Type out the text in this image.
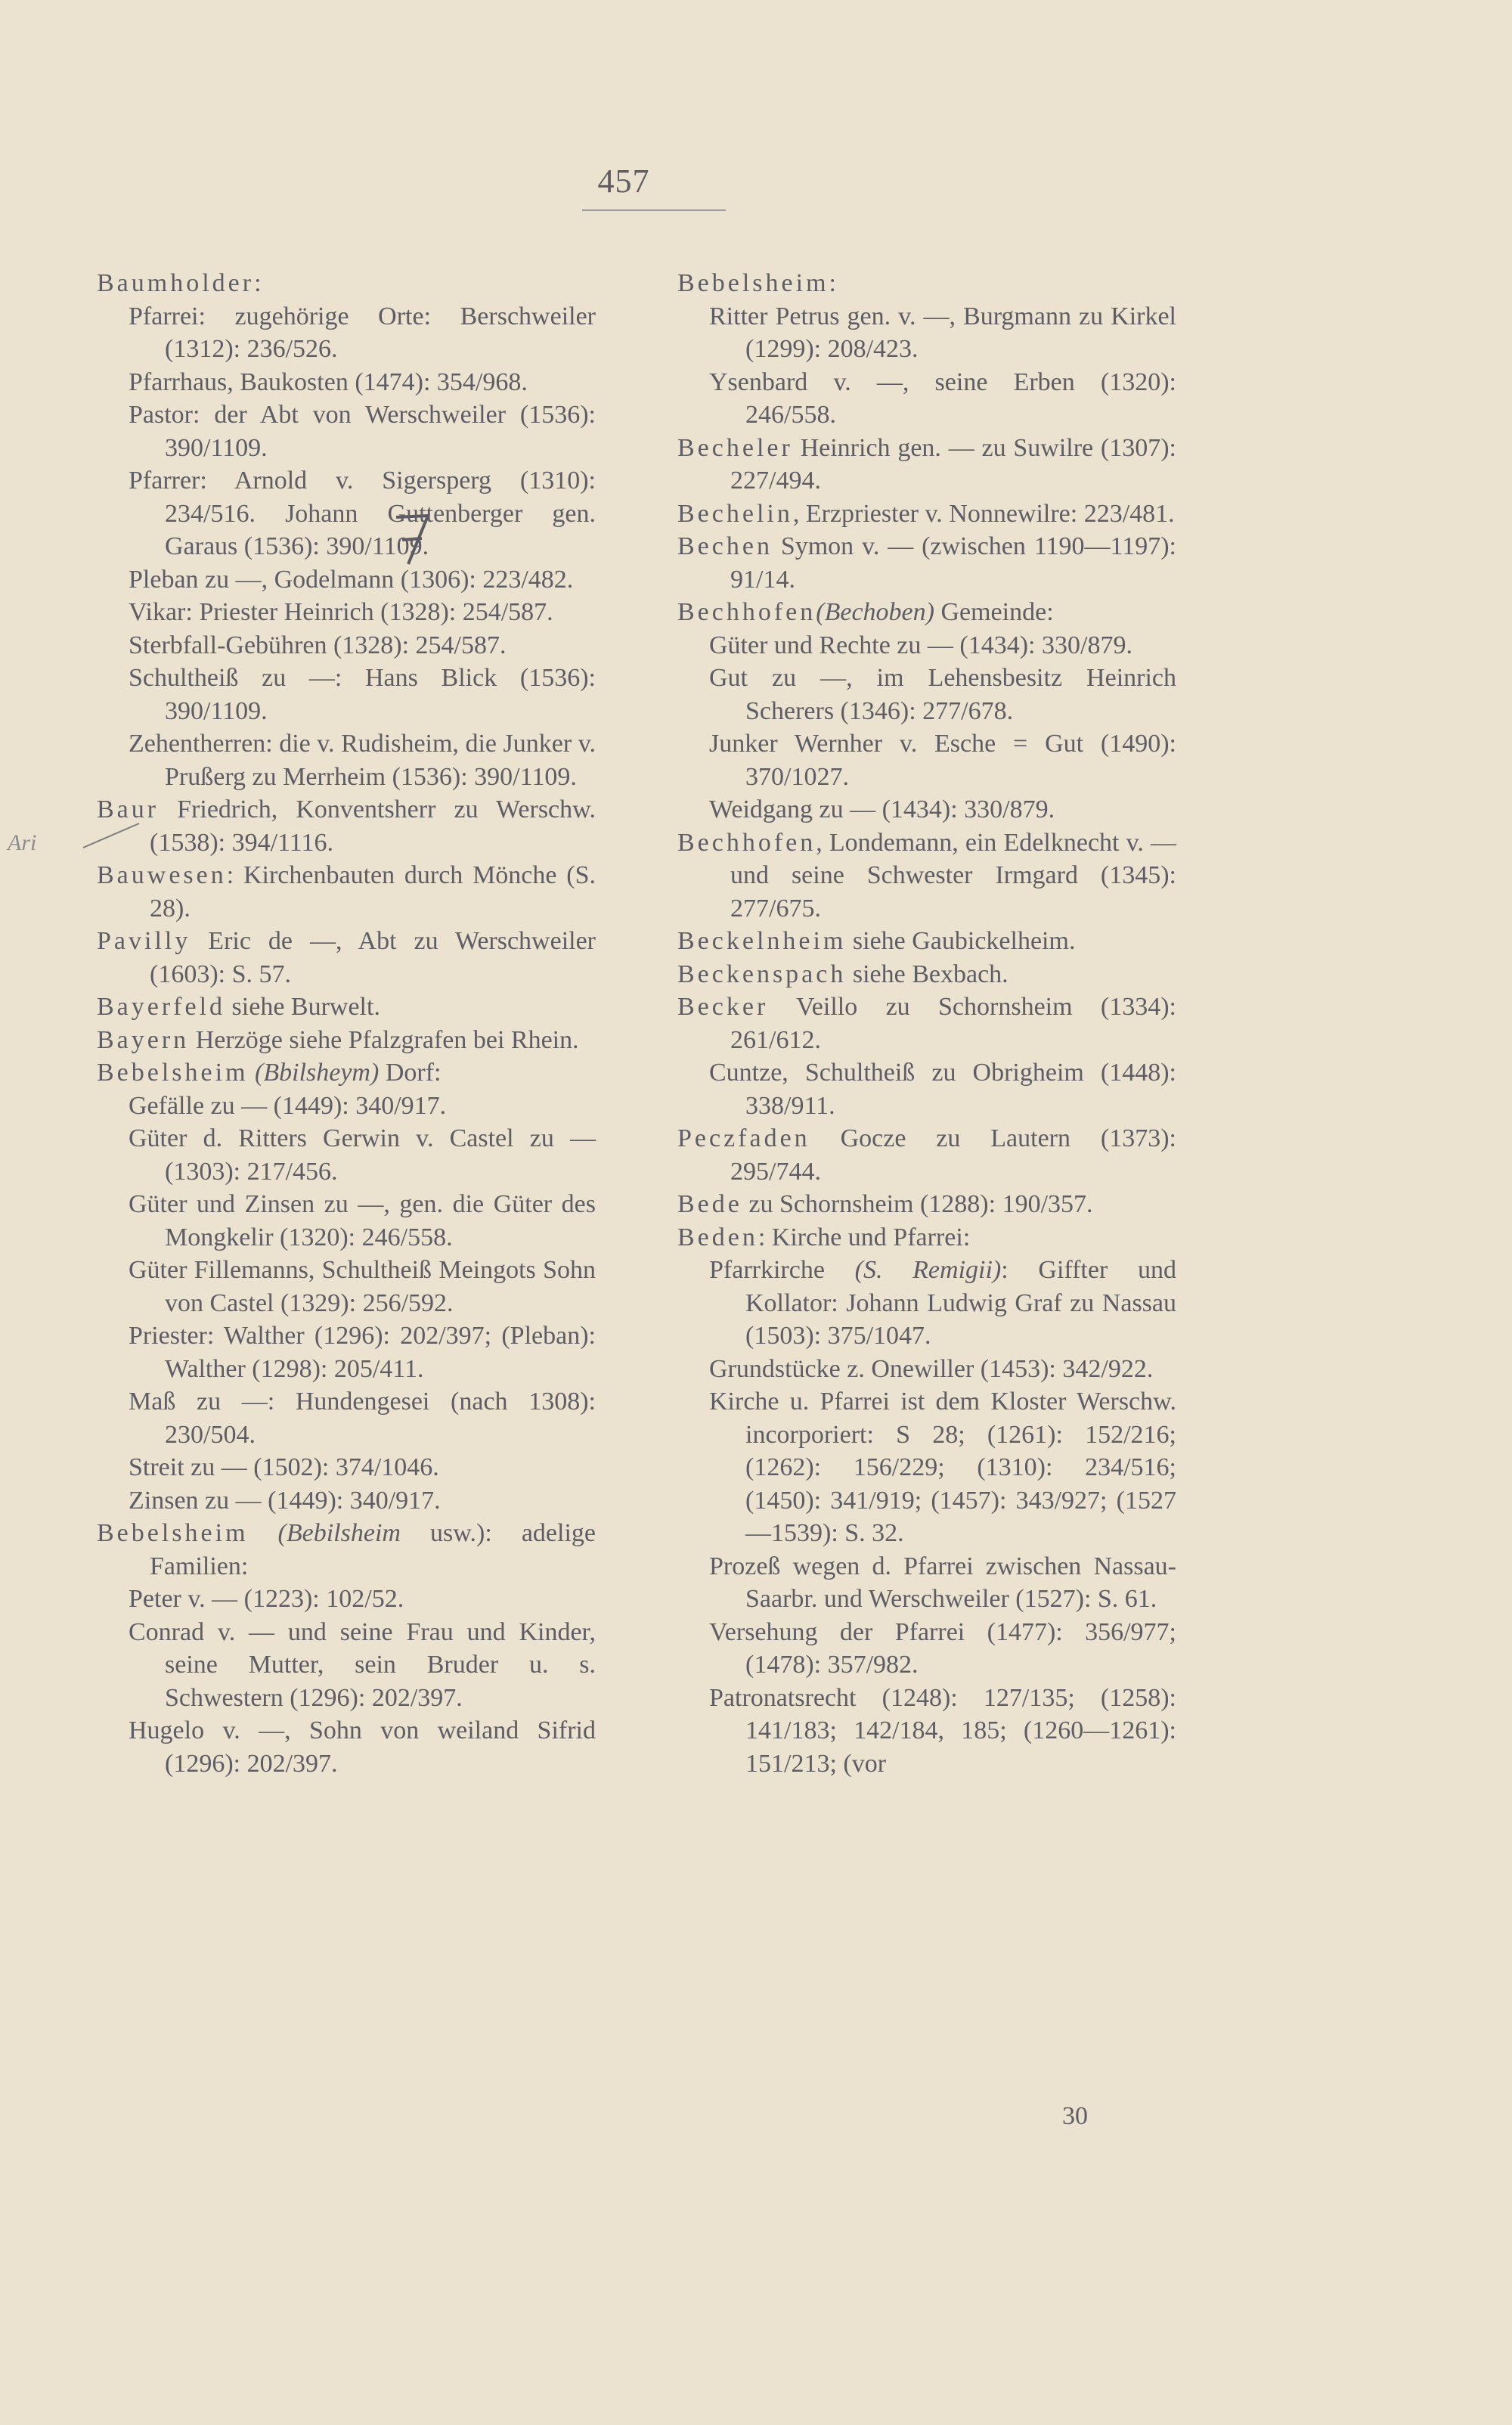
457
Ari
Baumholder:
Pfarrei: zugehörige Orte: Berschweiler (1312): 236/526.
Pfarrhaus, Baukosten (1474): 354/968.
Pastor: der Abt von Werschweiler (1536): 390/1109.
Pfarrer: Arnold v. Sigersperg (1310): 234/516. Johann Guttenberger gen. Garaus (1536): 390/1109.
Pleban zu —, Godelmann (1306): 223/482.
Vikar: Priester Heinrich (1328): 254/587.
Sterbfall-Gebühren (1328): 254/587.
Schultheiß zu —: Hans Blick (1536): 390/1109.
Zehentherren: die v. Rudisheim, die Junker v. Prußerg zu Merrheim (1536): 390/1109.
Baur Friedrich, Konventsherr zu Werschw. (1538): 394/1116.
Bauwesen: Kirchenbauten durch Mönche (S. 28).
Pavilly Eric de —, Abt zu Werschweiler (1603): S. 57.
Bayerfeld siehe Burwelt.
Bayern Herzöge siehe Pfalzgrafen bei Rhein.
Bebelsheim (Bbilsheym) Dorf:
Gefälle zu — (1449): 340/917.
Güter d. Ritters Gerwin v. Castel zu — (1303): 217/456.
Güter und Zinsen zu —, gen. die Güter des Mongkelir (1320): 246/558.
Güter Fillemanns, Schultheiß Meingots Sohn von Castel (1329): 256/592.
Priester: Walther (1296): 202/397; (Pleban): Walther (1298): 205/411.
Maß zu —: Hundengesei (nach 1308): 230/504.
Streit zu — (1502): 374/1046.
Zinsen zu — (1449): 340/917.
Bebelsheim (Bebilsheim usw.): adelige Familien:
Peter v. — (1223): 102/52.
Conrad v. — und seine Frau und Kinder, seine Mutter, sein Bruder u. s. Schwestern (1296): 202/397.
Hugelo v. —, Sohn von weiland Sifrid (1296): 202/397.
Bebelsheim:
Ritter Petrus gen. v. —, Burgmann zu Kirkel (1299): 208/423.
Ysenbard v. —, seine Erben (1320): 246/558.
Becheler Heinrich gen. — zu Suwilre (1307): 227/494.
Bechelin, Erzpriester v. Nonnewilre: 223/481.
Bechen Symon v. — (zwischen 1190—1197): 91/14.
Bechhofen(Bechoben) Gemeinde:
Güter und Rechte zu — (1434): 330/879.
Gut zu —, im Lehensbesitz Heinrich Scherers (1346): 277/678.
Junker Wernher v. Esche = Gut (1490): 370/1027.
Weidgang zu — (1434): 330/879.
Bechhofen, Londemann, ein Edelknecht v. — und seine Schwester Irmgard (1345): 277/675.
Beckelnheim siehe Gaubickelheim.
Beckenspach siehe Bexbach.
Becker Veillo zu Schornsheim (1334): 261/612.
Cuntze, Schultheiß zu Obrigheim (1448): 338/911.
Peczfaden Gocze zu Lautern (1373): 295/744.
Bede zu Schornsheim (1288): 190/357.
Beden: Kirche und Pfarrei:
Pfarrkirche (S. Remigii): Giffter und Kollator: Johann Ludwig Graf zu Nassau (1503): 375/1047.
Grundstücke z. Onewiller (1453): 342/922.
Kirche u. Pfarrei ist dem Kloster Werschw. incorporiert: S 28; (1261): 152/216; (1262): 156/229; (1310): 234/516; (1450): 341/919; (1457): 343/927; (1527—1539): S. 32.
Prozeß wegen d. Pfarrei zwischen Nassau-Saarbr. und Werschweiler (1527): S. 61.
Versehung der Pfarrei (1477): 356/977; (1478): 357/982.
Patronatsrecht (1248): 127/135; (1258): 141/183; 142/184, 185; (1260—1261): 151/213; (vor
30
